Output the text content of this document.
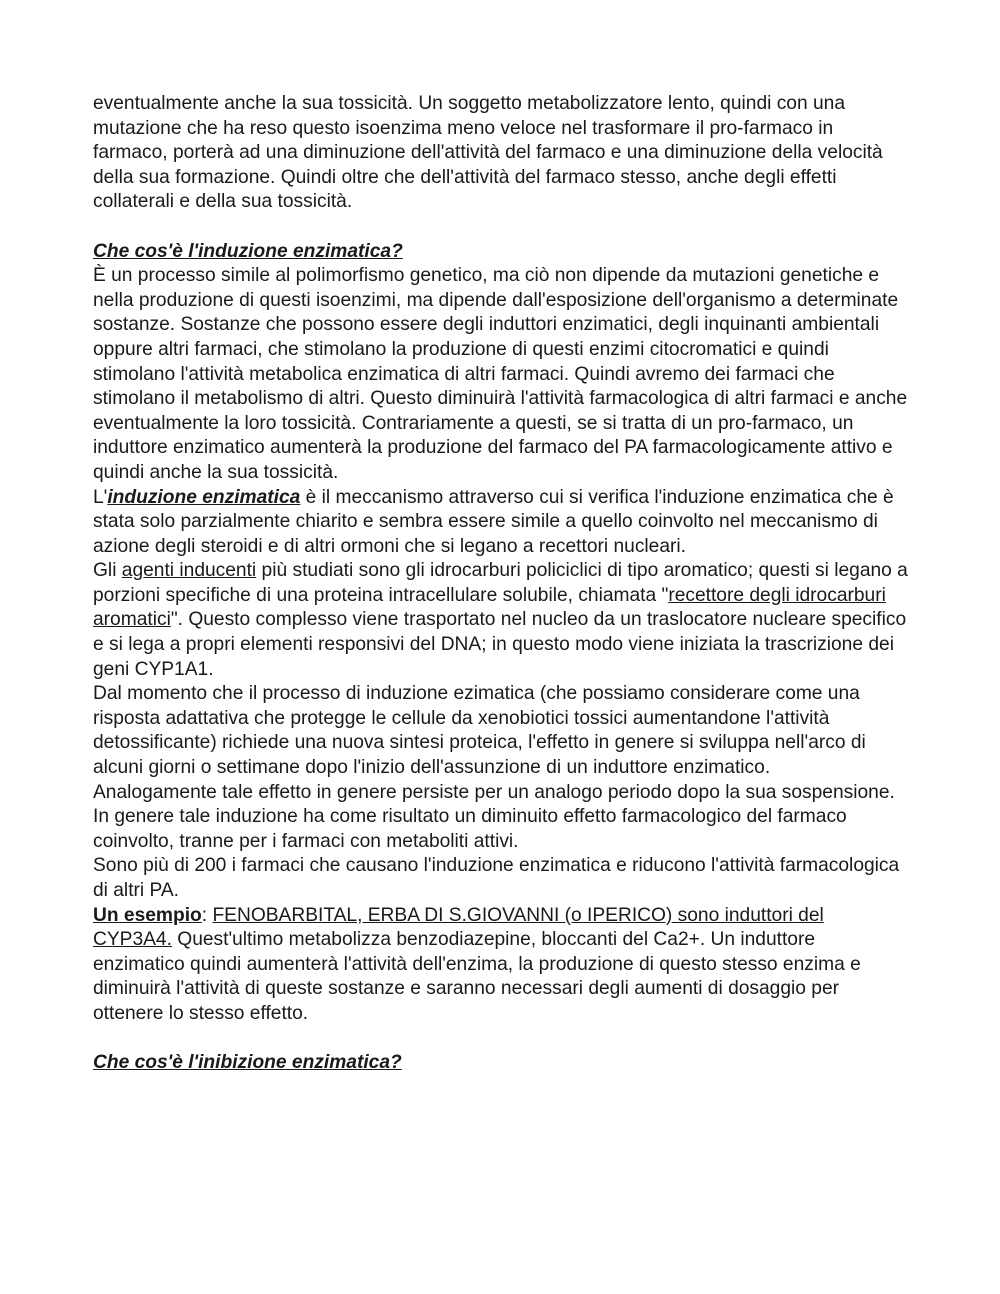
eventualmente anche la sua tossicità. Un soggetto metabolizzatore lento, quindi con una mutazione che ha reso questo isoenzima meno veloce nel trasformare il pro-farmaco in farmaco, porterà ad una diminuzione dell'attività del farmaco e una diminuzione della velocità della sua formazione. Quindi oltre che dell'attività del farmaco stesso, anche degli effetti collaterali e della sua tossicità.

Che cos'è l'induzione enzimatica?

È un processo simile al polimorfismo genetico, ma ciò non dipende da mutazioni genetiche e nella produzione di questi isoenzimi, ma dipende dall'esposizione dell'organismo a determinate sostanze. Sostanze che possono essere degli induttori enzimatici, degli inquinanti ambientali oppure altri farmaci, che stimolano la produzione di questi enzimi citocromatici e quindi stimolano l'attività metabolica enzimatica di altri farmaci. Quindi avremo dei farmaci che stimolano il metabolismo di altri. Questo diminuirà l'attività farmacologica di altri farmaci e anche eventualmente la loro tossicità. Contrariamente a questi, se si tratta di un pro-farmaco, un induttore enzimatico aumenterà la produzione del farmaco del PA farmacologicamente attivo e quindi anche la sua tossicità.

L'induzione enzimatica è il meccanismo attraverso cui si verifica l'induzione enzimatica che è stata solo parzialmente chiarito e sembra essere simile a quello coinvolto nel meccanismo di azione degli steroidi e di altri ormoni che si legano a recettori nucleari.

Gli agenti inducenti più studiati sono gli idrocarburi policiclici di tipo aromatico; questi si legano a porzioni specifiche di una proteina intracellulare solubile, chiamata "recettore degli idrocarburi aromatici". Questo complesso viene trasportato nel nucleo da un traslocatore nucleare specifico e si lega a propri elementi responsivi del DNA; in questo modo viene iniziata la trascrizione dei geni CYP1A1.

Dal momento che il processo di induzione ezimatica (che possiamo considerare come una risposta adattativa che protegge le cellule da xenobiotici tossici aumentandone l'attività detossificante) richiede una nuova sintesi proteica, l'effetto in genere si sviluppa nell'arco di alcuni giorni o settimane dopo l'inizio dell'assunzione di un induttore enzimatico.

Analogamente tale effetto in genere persiste per un analogo periodo dopo la sua sospensione.

In genere tale induzione ha come risultato un diminuito effetto farmacologico del farmaco coinvolto, tranne per i farmaci con metaboliti attivi.

Sono più di 200 i farmaci che causano l'induzione enzimatica e riducono l'attività farmacologica di altri PA.

Un esempio: FENOBARBITAL, ERBA DI S.GIOVANNI (o IPERICO) sono induttori del CYP3A4. Quest'ultimo metabolizza benzodiazepine, bloccanti del Ca2+. Un induttore enzimatico quindi aumenterà l'attività dell'enzima, la produzione di questo stesso enzima e diminuirà l'attività di queste sostanze e saranno necessari degli aumenti di dosaggio per ottenere lo stesso effetto.

Che cos'è l'inibizione enzimatica?
